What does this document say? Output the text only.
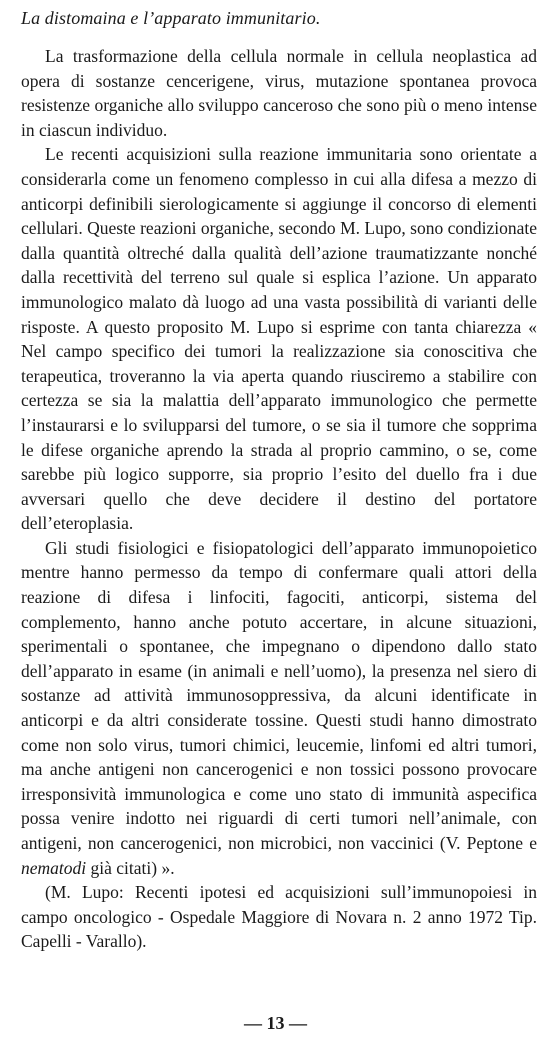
La distomaina e l’apparato immunitario.

La trasformazione della cellula normale in cellula neoplastica ad opera di sostanze cencerigene, virus, mutazione spontanea provoca resistenze organiche allo sviluppo canceroso che sono più o meno intense in ciascun individuo.

Le recenti acquisizioni sulla reazione immunitaria sono orientate a considerarla come un fenomeno complesso in cui alla difesa a mezzo di anticorpi definibili sierologicamente si aggiunge il concorso di elementi cellulari. Queste reazioni organiche, secondo M. Lupo, sono condizionate dalla quantità oltreché dalla qualità dell’azione traumatizzante nonché dalla recettività del terreno sul quale si esplica l’azione. Un apparato immunologico malato dà luogo ad una vasta possibilità di varianti delle risposte. A questo proposito M. Lupo si esprime con tanta chiarezza « Nel campo specifico dei tumori la realizzazione sia conoscitiva che terapeutica, troveranno la via aperta quando riusciremo a stabilire con certezza se sia la malattia dell’apparato immunologico che permette l’instaurarsi e lo svilupparsi del tumore, o se sia il tumore che sopprima le difese organiche aprendo la strada al proprio cammino, o se, come sarebbe più logico supporre, sia proprio l’esito del duello fra i due avversari quello che deve decidere il destino del portatore dell’eteroplasia.

Gli studi fisiologici e fisiopatologici dell’apparato immunopoietico mentre hanno permesso da tempo di confermare quali attori della reazione di difesa i linfociti, fagociti, anticorpi, sistema del complemento, hanno anche potuto accertare, in alcune situazioni, sperimentali o spontanee, che impegnano o dipendono dallo stato dell’apparato in esame (in animali e nell’uomo), la presenza nel siero di sostanze ad attività immunosoppressiva, da alcuni identificate in anticorpi e da altri considerate tossine. Questi studi hanno dimostrato come non solo virus, tumori chimici, leucemie, linfomi ed altri tumori, ma anche antigeni non cancerogenici e non tossici possono provocare irresponsività immunologica e come uno stato di immunità aspecifica possa venire indotto nei riguardi di certi tumori nell’animale, con antigeni, non cancerogenici, non microbici, non vaccinici (V. Peptone e nematodi già citati) ».

(M. Lupo: Recenti ipotesi ed acquisizioni sull’immunopoiesi in campo oncologico - Ospedale Maggiore di Novara n. 2 anno 1972 Tip. Capelli - Varallo).

— 13 —
